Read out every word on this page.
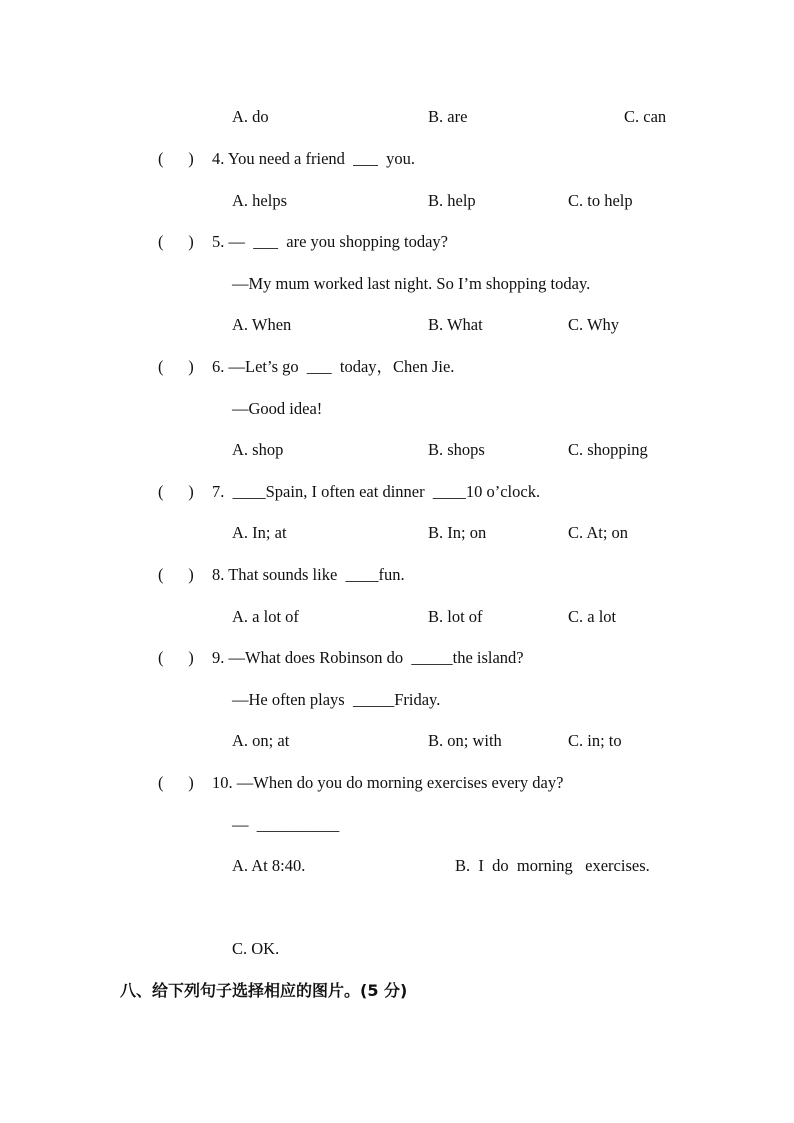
A. do	B. are	C. can
(      ) 4. You need a friend  ___  you.
A. helps	B. help	C. to help
(      ) 5. —  ___  are you shopping today?
—My mum worked last night. So I’m shopping today.
A. When	B. What	C. Why
(      ) 6. —Let’s go  ___  today，Chen Jie.
—Good idea!
A. shop	B. shops	C. shopping
(      ) 7.  ____Spain, I often eat dinner  ____10 o’clock.
A. In; at	B. In; on	C. At; on
(      ) 8. That sounds like  ____fun.
A. a lot of	B. lot of	C. a lot
(      ) 9. —What does Robinson do  _____the island?
—He often plays  _____Friday.
A. on; at	B. on; with	C. in; to
(      ) 10. —When do you do morning exercises every day?
—  __________
A. At 8:40.	B.  I  do  morning   exercises.
C. OK.
八、给下列句子选择相应的图片。(5 分)
